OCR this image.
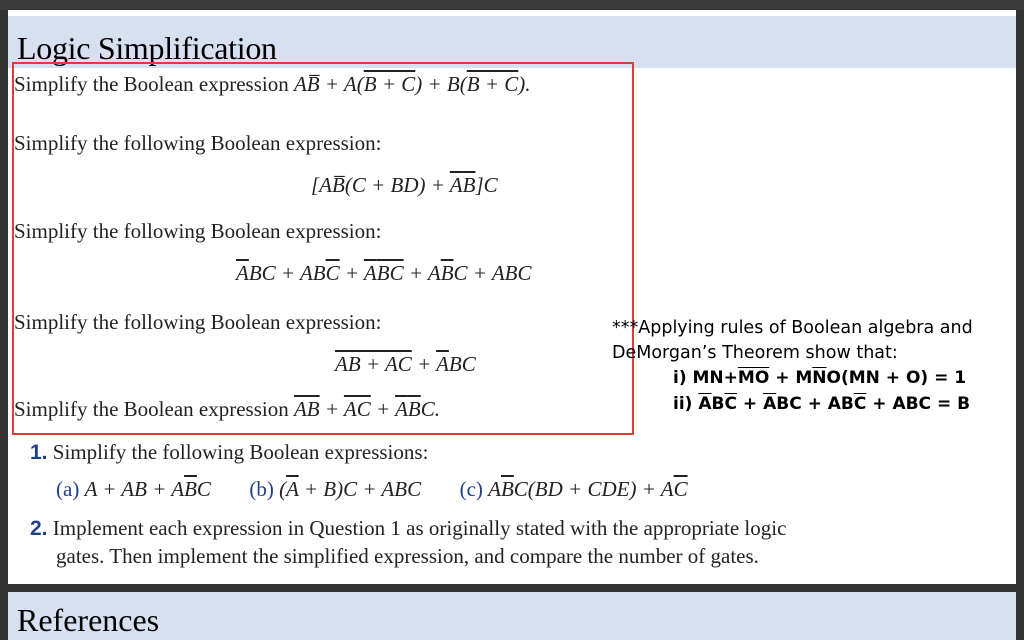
Logic Simplification
Simplify the Boolean expression AB̅ + A(B + C) + B(B + C).
Simplify the following Boolean expression:
[AB̅(C + $BD) + \overline{A}\overline{B}]C$
Simplify the following Boolean expression:
$\overline{A}BC + AB\overline{C} + \overline{A}\overline{B}\overline{C} + A\overline{B}C$ + ABC
Simplify the following Boolean expression:
AB + AC + $\overline{A}BC$
Simplify the Boolean expression $\overline{AB} + \overline{AC} + \overline{A}\overline{B}C$.
***Applying rules of Boolean algebra and
DeMorgan’s Theorem show that:
i) $MN+\overline{MO} + M\overline{N}O(MN + O) = 1$
ii) $\overline{A}B\overline{C} + \overline{A}BC + AB\overline{C}$ + ABC = B
1. Simplify the following Boolean expressions:
(a) A + AB + $A\overline{B}C$ (b) $(\overline{A} + B)C$ + ABC (c) $A\overline{B}C(BD + CDE) + A\overline{C}$
2. Implement each expression in Question 1 as originally stated with the appropriate logic
gates. Then implement the simplified expression, and compare the number of gates.
References
